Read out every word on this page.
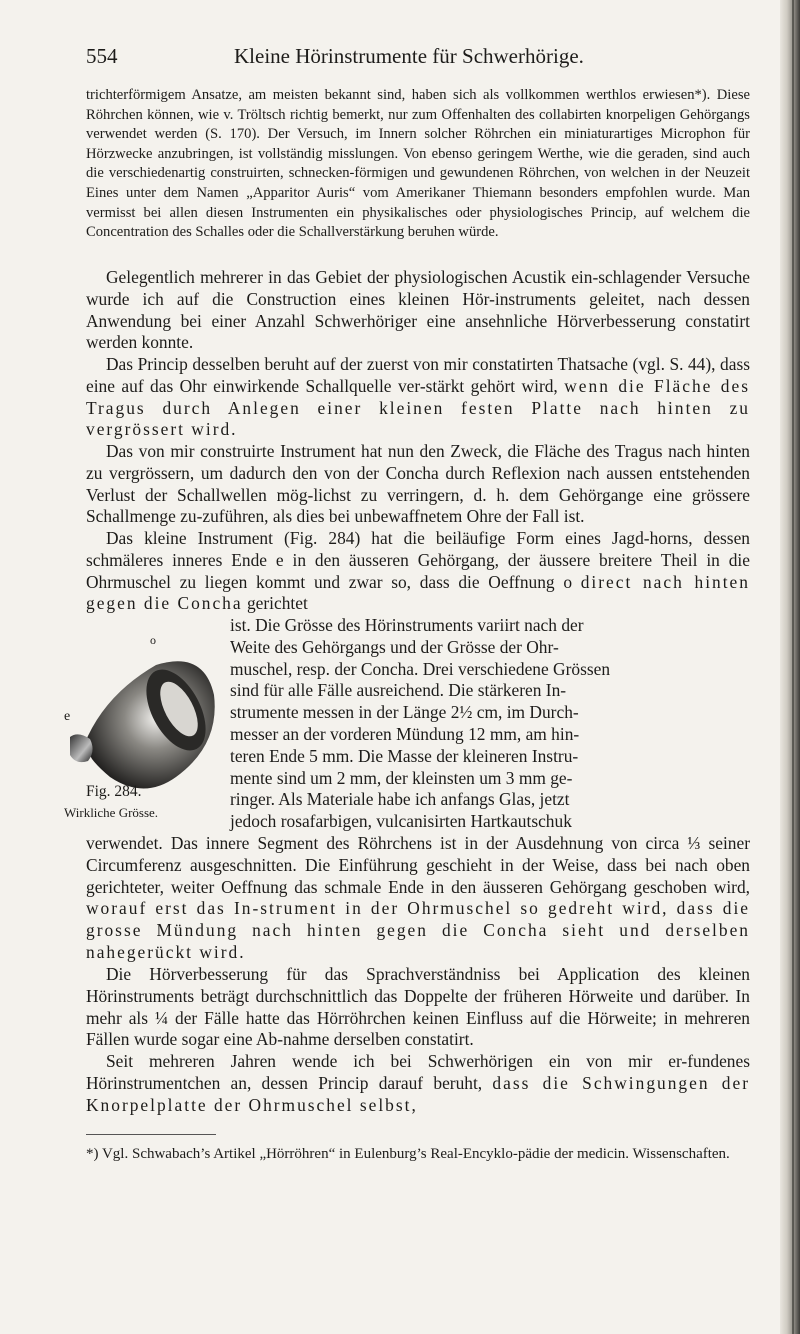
554	Kleine Hörinstrumente für Schwerhörige.

trichterförmigem Ansatze, am meisten bekannt sind, haben sich als vollkommen werthlos erwiesen*). Diese Röhrchen können, wie v. Tröltsch richtig bemerkt, nur zum Offenhalten des collabirten knorpeligen Gehörgangs verwendet werden (S. 170). Der Versuch, im Innern solcher Röhrchen ein miniaturartiges Microphon für Hörzwecke anzubringen, ist vollständig misslungen. Von ebenso geringem Werthe, wie die geraden, sind auch die verschiedenartig construirten, schnecken-förmigen und gewundenen Röhrchen, von welchen in der Neuzeit Eines unter dem Namen „Apparitor Auris“ vom Amerikaner Thiemann besonders empfohlen wurde. Man vermisst bei allen diesen Instrumenten ein physikalisches oder physiologisches Princip, auf welchem die Concentration des Schalles oder die Schallverstärkung beruhen würde.

Gelegentlich mehrerer in das Gebiet der physiologischen Acustik ein-schlagender Versuche wurde ich auf die Construction eines kleinen Hör-instruments geleitet, nach dessen Anwendung bei einer Anzahl Schwerhöriger eine ansehnliche Hörverbesserung constatirt werden konnte.

Das Princip desselben beruht auf der zuerst von mir constatirten Thatsache (vgl. S. 44), dass eine auf das Ohr einwirkende Schallquelle ver-stärkt gehört wird, wenn die Fläche des Tragus durch Anlegen einer kleinen festen Platte nach hinten zu vergrössert wird.

Das von mir construirte Instrument hat nun den Zweck, die Fläche des Tragus nach hinten zu vergrössern, um dadurch den von der Concha durch Reflexion nach aussen entstehenden Verlust der Schallwellen mög-lichst zu verringern, d. h. dem Gehörgange eine grössere Schallmenge zu-zuführen, als dies bei unbewaffnetem Ohre der Fall ist.

Das kleine Instrument (Fig. 284) hat die beiläufige Form eines Jagd-horns, dessen schmäleres inneres Ende e in den äusseren Gehörgang, der äussere breitere Theil in die Ohrmuschel zu liegen kommt und zwar so, dass die Oeffnung o direct nach hinten gegen die Concha gerichtet

o
e
Fig. 284.
Wirkliche Grösse.
ist. Die Grösse des Hörinstruments variirt nach der
Weite des Gehörgangs und der Grösse der Ohr-
muschel, resp. der Concha. Drei verschiedene Grössen
sind für alle Fälle ausreichend. Die stärkeren In-
strumente messen in der Länge 2½ cm, im Durch-
messer an der vorderen Mündung 12 mm, am hin-
teren Ende 5 mm. Die Masse der kleineren Instru-
mente sind um 2 mm, der kleinsten um 3 mm ge-
ringer. Als Materiale habe ich anfangs Glas, jetzt
jedoch rosafarbigen, vulcanisirten Hartkautschuk

verwendet. Das innere Segment des Röhrchens ist in der Ausdehnung von circa ⅓ seiner Circumferenz ausgeschnitten. Die Einführung geschieht in der Weise, dass bei nach oben gerichteter, weiter Oeffnung das schmale Ende in den äusseren Gehörgang geschoben wird, worauf erst das In-strument in der Ohrmuschel so gedreht wird, dass die grosse Mündung nach hinten gegen die Concha sieht und derselben nahegerückt wird.

Die Hörverbesserung für das Sprachverständniss bei Application des kleinen Hörinstruments beträgt durchschnittlich das Doppelte der früheren Hörweite und darüber. In mehr als ¼ der Fälle hatte das Hörröhrchen keinen Einfluss auf die Hörweite; in mehreren Fällen wurde sogar eine Ab-nahme derselben constatirt.

Seit mehreren Jahren wende ich bei Schwerhörigen ein von mir er-fundenes Hörinstrumentchen an, dessen Princip darauf beruht, dass die Schwingungen der Knorpelplatte der Ohrmuschel selbst,

*) Vgl. Schwabach’s Artikel „Hörröhren“ in Eulenburg’s Real-Encyklo-pädie der medicin. Wissenschaften.
